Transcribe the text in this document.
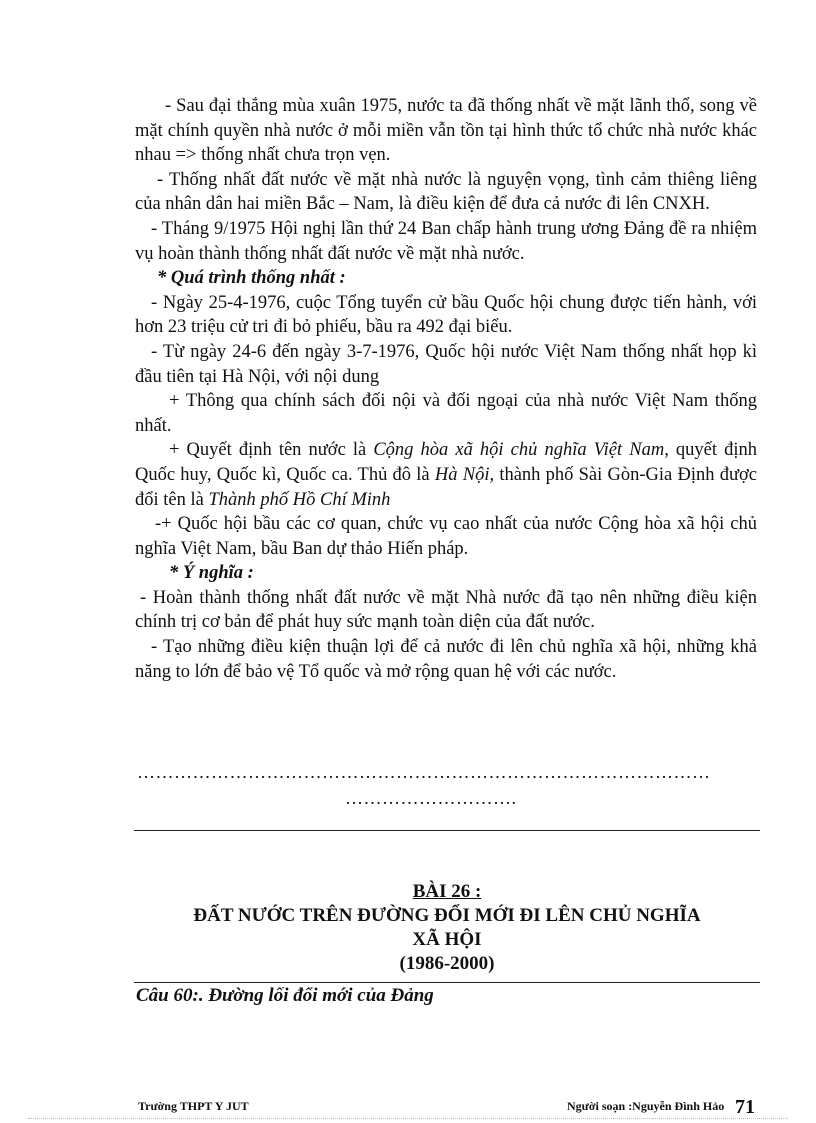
- Sau đại thắng mùa xuân 1975, nước ta đã thống nhất về mặt lãnh thổ, song về mặt chính quyền nhà nước ở mỗi miền vẫn tồn tại hình thức tổ chức nhà nước khác nhau => thống nhất chưa trọn vẹn.

- Thống nhất đất nước về mặt nhà nước là nguyện vọng, tình cảm thiêng liêng của nhân dân hai miền Bắc – Nam, là điều kiện để đưa cả nước đi lên CNXH.

- Tháng 9/1975 Hội nghị lần thứ 24 Ban chấp hành trung ương Đảng đề ra nhiệm vụ hoàn thành thống nhất đất nước về mặt nhà nước.

* Quá trình thống nhất :

- Ngày 25-4-1976, cuộc Tổng tuyển cử bầu Quốc hội chung được tiến hành, với hơn 23 triệu cử tri đi bỏ phiếu, bầu ra 492 đại biểu.

- Từ ngày 24-6 đến ngày 3-7-1976, Quốc hội nước Việt Nam thống nhất họp kì đầu tiên tại Hà Nội, với nội dung

+ Thông qua chính sách đối nội và đối ngoại của nhà nước Việt Nam thống nhất.

+ Quyết định tên nước là Cộng hòa xã hội chủ nghĩa Việt Nam, quyết định Quốc huy, Quốc kì, Quốc ca. Thủ đô là Hà Nội, thành phố Sài Gòn-Gia Định được đổi tên là Thành phố Hồ Chí Minh

-+ Quốc hội bầu các cơ quan, chức vụ cao nhất của nước Cộng hòa xã hội chủ nghĩa Việt Nam, bầu Ban dự thảo Hiến pháp.

* Ý nghĩa :

- Hoàn thành thống nhất đất nước về mặt Nhà nước đã tạo nên những điều kiện chính trị cơ bản để phát huy sức mạnh toàn diện của đất nước.

- Tạo những điều kiện thuận lợi để cả nước đi lên chủ nghĩa xã hội, những khả năng to lớn để bảo vệ Tổ quốc và mở rộng quan hệ với các nước.

…………………………………………………………………………………
……………………….
BÀI 26 :
ĐẤT NƯỚC TRÊN ĐƯỜNG ĐỔI MỚI ĐI LÊN CHỦ NGHĨA
XÃ HỘI
(1986-2000)
Câu 60:. Đường lối đổi mới của Đảng
Trường THPT Y JUT	Người soạn :Nguyễn Đình Hảo 71
